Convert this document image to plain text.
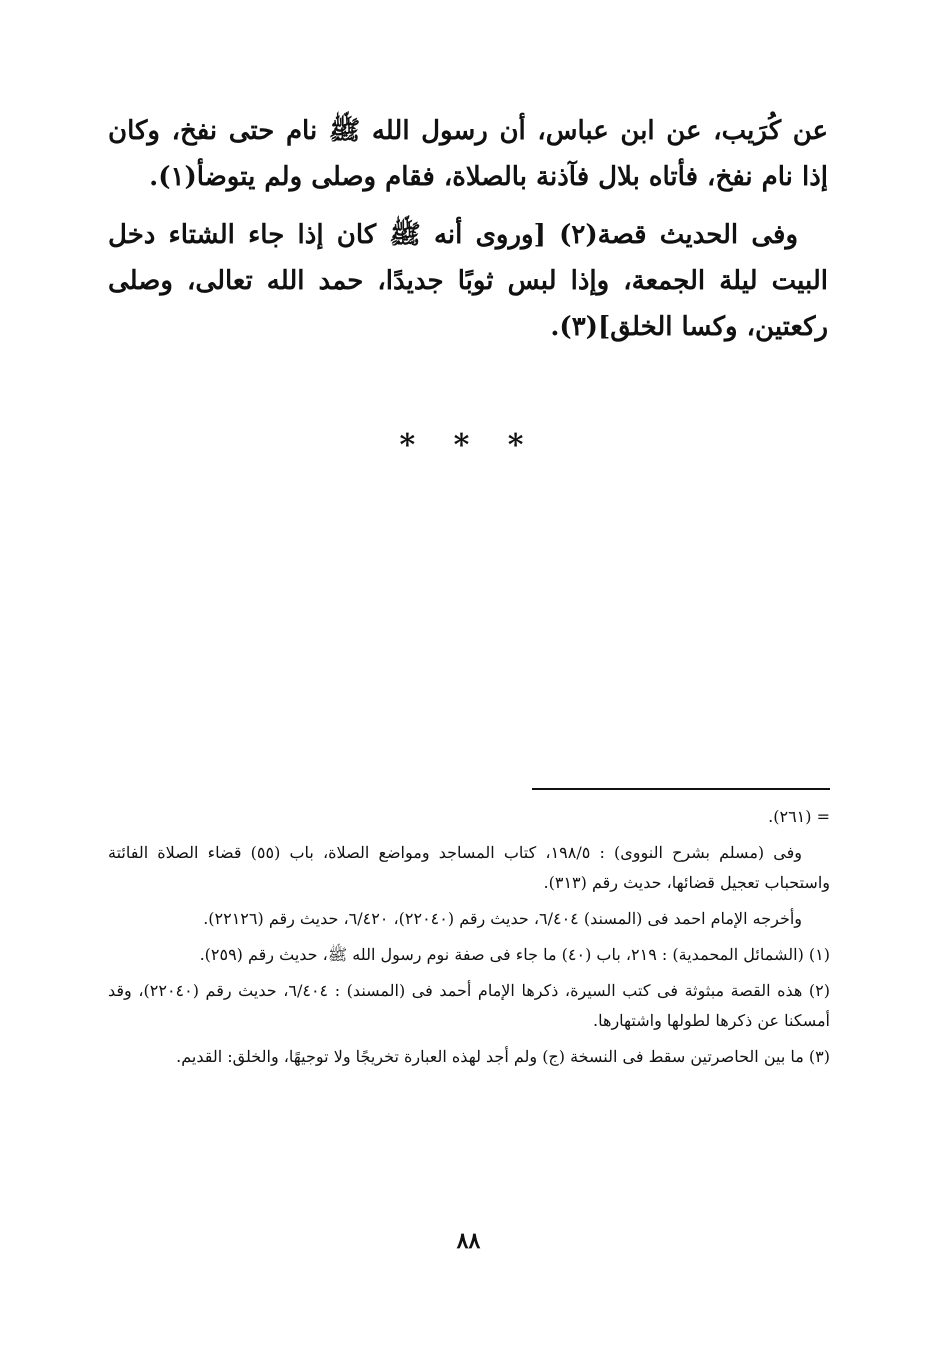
عن كُرَيب، عن ابن عباس، أن رسول الله ﷺ نام حتى نفخ، وكان إذا نام نفخ، فأتاه بلال فآذنة بالصلاة، فقام وصلى ولم يتوضأ(١).

وفى الحديث قصة(٢) [وروى أنه ﷺ كان إذا جاء الشتاء دخل البيت ليلة الجمعة، وإذا لبس ثوبًا جديدًا، حمد الله تعالى، وصلى ركعتين، وكسا الخلق](٣).

* * *

= (٢٦١).

وفى (مسلم بشرح النووى) : ١٩٨/٥، كتاب المساجد ومواضع الصلاة، باب (٥٥) قضاء الصلاة الفائتة واستحباب تعجيل قضائها، حديث رقم (٣١٣).

وأخرجه الإمام احمد فى (المسند) ٦/٤٠٤، حديث رقم (٢٢٠٤٠)، ٦/٤٢٠، حديث رقم (٢٢١٢٦).

(١) (الشمائل المحمدية) : ٢١٩، باب (٤٠) ما جاء فى صفة نوم رسول الله ﷺ، حديث رقم (٢٥٩).

(٢) هذه القصة مبثوثة فى كتب السيرة، ذكرها الإمام أحمد فى (المسند) : ٦/٤٠٤، حديث رقم (٢٢٠٤٠)، وقد أمسكنا عن ذكرها لطولها واشتهارها.

(٣) ما بين الحاصرتين سقط فى النسخة (ج) ولم أجد لهذه العبارة تخريجًا ولا توجيهًا، والخلق: القديم.

٨٨
